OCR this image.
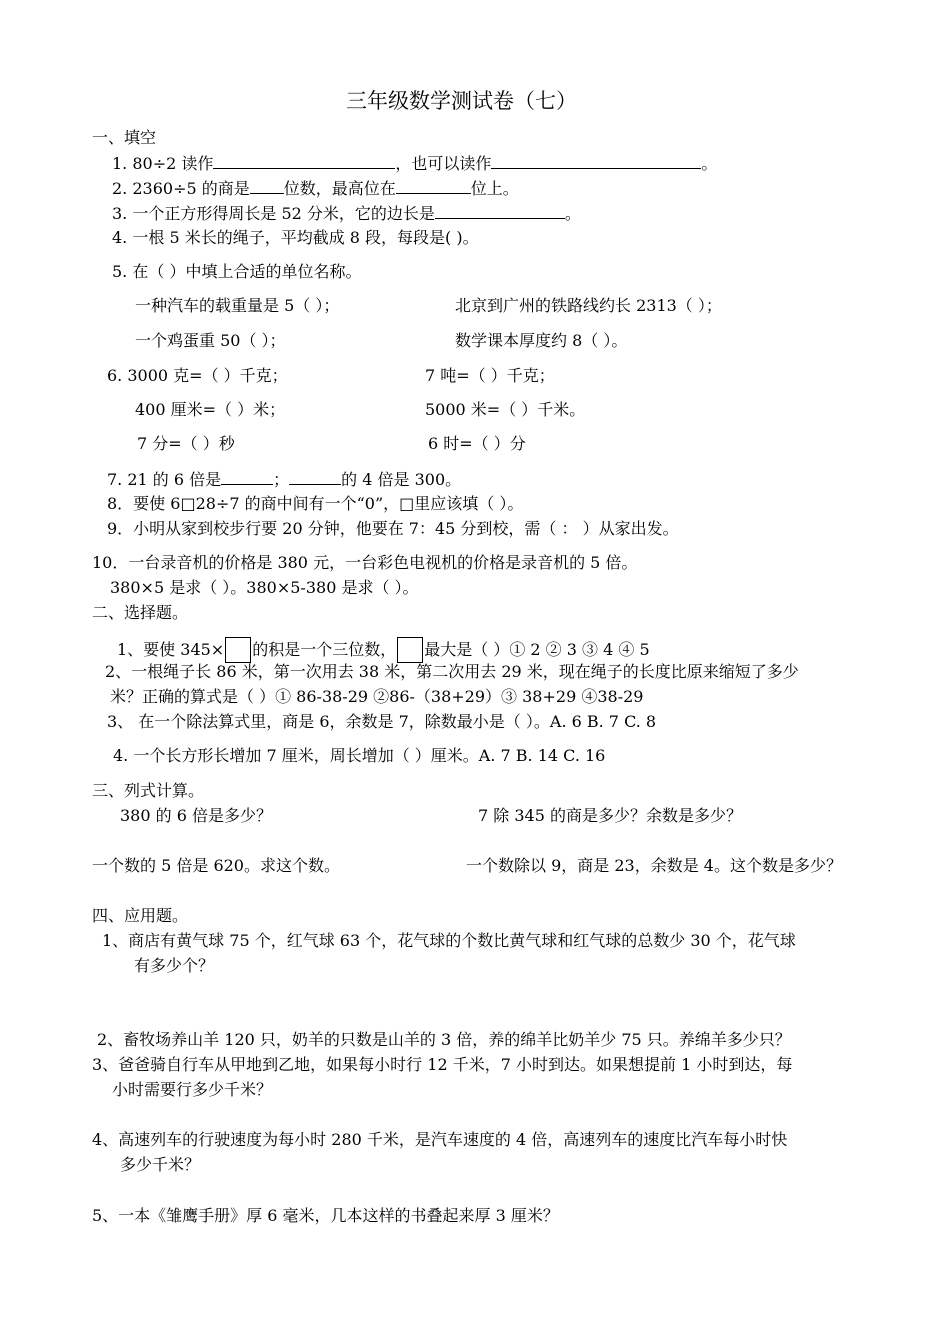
三年级数学测试卷（七）
一、填空
1. 80÷2 读作	，也可以读作	。
2. 2360÷5 的商是 位数，最高位在	位上。
3. 一个正方形得周长是 52 分米，它的边长是	。
4. 一根 5 米长的绳子，平均截成 8 段，每段是( )。
5. 在（ ）中填上合适的单位名称。
一种汽车的载重量是 5（ ）；	北京到广州的铁路线约长 2313（ ）；
一个鸡蛋重 50（ ）；	数学课本厚度约 8（ ）。
6. 3000 克=（ ）千克；	7 吨=（ ）千克；
400 厘米=（ ）米；	5000 米=（ ）千米。
7 分=（ ）秒	6 时=（ ）分
7. 21 的 6 倍是	；	的 4 倍是 300。
8．要使 6□28÷7 的商中间有一个“0”，□里应该填（ ）。
9．小明从家到校步行要 20 分钟，他要在 7：45 分到校，需（ ： ）从家出发。
10．一台录音机的价格是 380 元，一台彩色电视机的价格是录音机的 5 倍。
380×5 是求（ ）。380×5-380 是求（ ）。
二、选择题。
1、要使 345× 的积是一个三位数， 最大是（ ）① 2 ② 3 ③ 4 ④ 5
2、一根绳子长 86 米，第一次用去 38 米，第二次用去 29 米，现在绳子的长度比原来缩短了多少
米？正确的算式是（ ）① 86-38-29 ②86-（38+29）③ 38+29 ④38-29
3、 在一个除法算式里，商是 6，余数是 7，除数最小是（ ）。A. 6 B. 7 C. 8
4. 一个长方形长增加 7 厘米，周长增加（ ）厘米。A. 7 B. 14 C. 16
三、列式计算。
380 的 6 倍是多少？	7 除 345 的商是多少？余数是多少？
一个数的 5 倍是 620。求这个数。	一个数除以 9，商是 23，余数是 4。这个数是多少？
四、应用题。
1、商店有黄气球 75 个，红气球 63 个，花气球的个数比黄气球和红气球的总数少 30 个，花气球
有多少个？
2、畜牧场养山羊 120 只，奶羊的只数是山羊的 3 倍，养的绵羊比奶羊少 75 只。养绵羊多少只？
3、爸爸骑自行车从甲地到乙地，如果每小时行 12 千米，7 小时到达。如果想提前 1 小时到达，每
小时需要行多少千米？
4、高速列车的行驶速度为每小时 280 千米，是汽车速度的 4 倍，高速列车的速度比汽车每小时快
多少千米？
5、一本《雏鹰手册》厚 6 毫米，几本这样的书叠起来厚 3 厘米？
